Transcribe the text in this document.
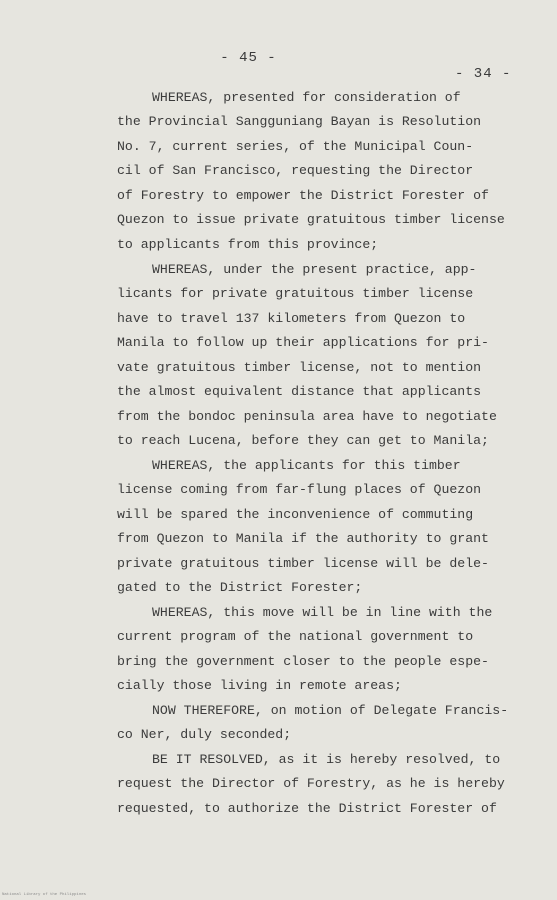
- 45 -
- 34 -
WHEREAS, presented for consideration of
the Provincial Sangguniang Bayan is Resolution
No. 7, current series, of the Municipal Coun-
cil of San Francisco, requesting the Director
of Forestry to empower the District Forester of
Quezon to issue private gratuitous timber license
to applicants from this province;
WHEREAS, under the present practice, app-
licants for private gratuitous timber license
have to travel 137 kilometers from Quezon to
Manila to follow up their applications for pri-
vate gratuitous timber license, not to mention
the almost equivalent distance that applicants
from the bondoc peninsula area have to negotiate
to reach Lucena, before they can get to Manila;
WHEREAS, the applicants for this timber
license coming from far-flung places of Quezon
will be spared the inconvenience of commuting
from Quezon to Manila if the authority to grant
private gratuitous timber license will be dele-
gated to the District Forester;
WHEREAS, this move will be in line with the
current program of the national government to
bring the government closer to the people espe-
cially those living in remote areas;
NOW THEREFORE, on motion of Delegate Francis-
co Ner, duly seconded;
BE IT RESOLVED, as it is hereby resolved, to
request the Director of Forestry, as he is hereby
requested, to authorize the District Forester of
National Library of the Philippines
